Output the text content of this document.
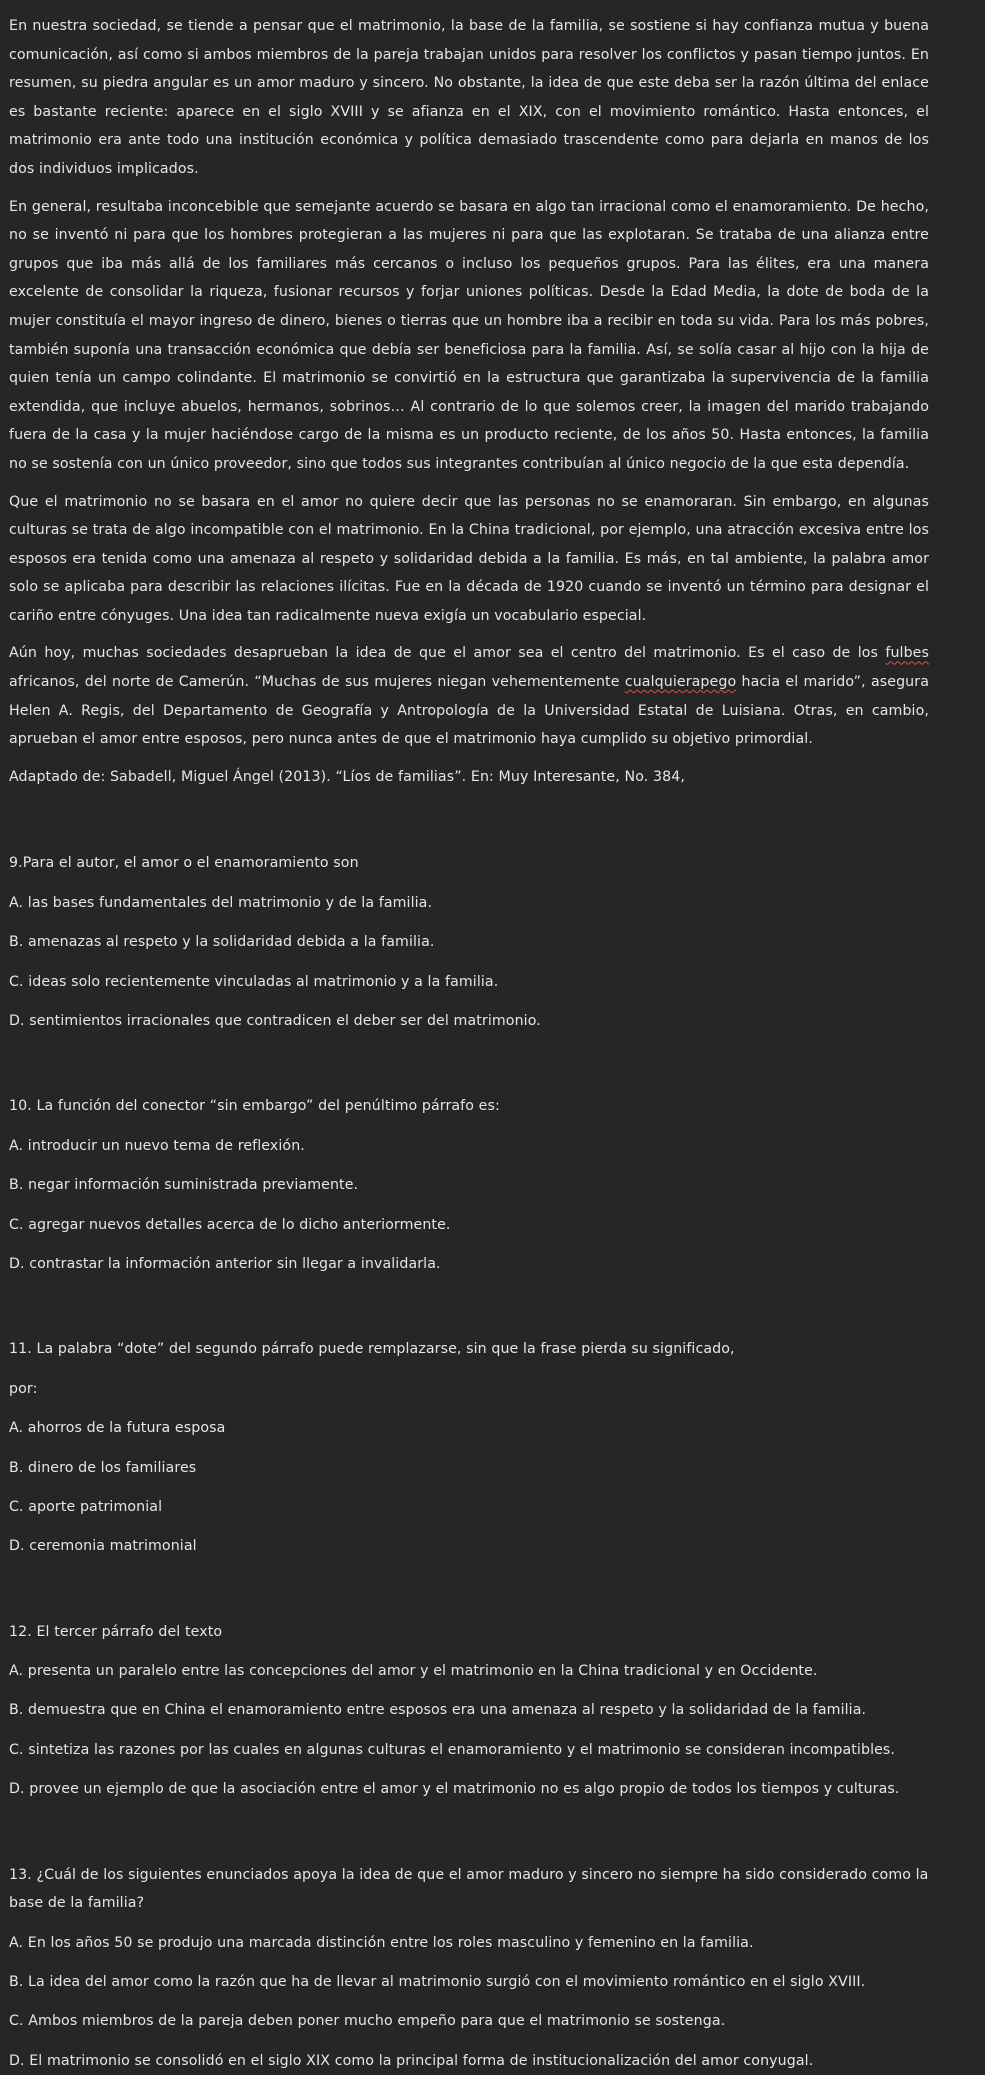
En nuestra sociedad, se tiende a pensar que el matrimonio, la base de la familia, se sostiene si hay confianza mutua y buena comunicación, así como si ambos miembros de la pareja trabajan unidos para resolver los conflictos y pasan tiempo juntos. En resumen, su piedra angular es un amor maduro y sincero. No obstante, la idea de que este deba ser la razón última del enlace es bastante reciente: aparece en el siglo XVIII y se afianza en el XIX, con el movimiento romántico. Hasta entonces, el matrimonio era ante todo una institución económica y política demasiado trascendente como para dejarla en manos de los dos individuos implicados.

En general, resultaba inconcebible que semejante acuerdo se basara en algo tan irracional como el enamoramiento. De hecho, no se inventó ni para que los hombres protegieran a las mujeres ni para que las explotaran. Se trataba de una alianza entre grupos que iba más allá de los familiares más cercanos o incluso los pequeños grupos. Para las élites, era una manera excelente de consolidar la riqueza, fusionar recursos y forjar uniones políticas. Desde la Edad Media, la dote de boda de la mujer constituía el mayor ingreso de dinero, bienes o tierras que un hombre iba a recibir en toda su vida. Para los más pobres, también suponía una transacción económica que debía ser beneficiosa para la familia. Así, se solía casar al hijo con la hija de quien tenía un campo colindante. El matrimonio se convirtió en la estructura que garantizaba la supervivencia de la familia extendida, que incluye abuelos, hermanos, sobrinos… Al contrario de lo que solemos creer, la imagen del marido trabajando fuera de la casa y la mujer haciéndose cargo de la misma es un producto reciente, de los años 50. Hasta entonces, la familia no se sostenía con un único proveedor, sino que todos sus integrantes contribuían al único negocio de la que esta dependía.

Que el matrimonio no se basara en el amor no quiere decir que las personas no se enamoraran. Sin embargo, en algunas culturas se trata de algo incompatible con el matrimonio. En la China tradicional, por ejemplo, una atracción excesiva entre los esposos era tenida como una amenaza al respeto y solidaridad debida a la familia. Es más, en tal ambiente, la palabra amor solo se aplicaba para describir las relaciones ilícitas. Fue en la década de 1920 cuando se inventó un término para designar el cariño entre cónyuges. Una idea tan radicalmente nueva exigía un vocabulario especial.

Aún hoy, muchas sociedades desaprueban la idea de que el amor sea el centro del matrimonio. Es el caso de los fulbes africanos, del norte de Camerún. “Muchas de sus mujeres niegan vehementemente cualquierapego hacia el marido”, asegura Helen A. Regis, del Departamento de Geografía y Antropología de la Universidad Estatal de Luisiana. Otras, en cambio, aprueban el amor entre esposos, pero nunca antes de que el matrimonio haya cumplido su objetivo primordial.

Adaptado de: Sabadell, Miguel Ángel (2013). “Líos de familias”. En: Muy Interesante, No. 384,

9.Para el autor, el amor o el enamoramiento son

A. las bases fundamentales del matrimonio y de la familia.

B. amenazas al respeto y la solidaridad debida a la familia.

C. ideas solo recientemente vinculadas al matrimonio y a la familia.

D. sentimientos irracionales que contradicen el deber ser del matrimonio.

10. La función del conector “sin embargo” del penúltimo párrafo es:

A. introducir un nuevo tema de reflexión.

B. negar información suministrada previamente.

C. agregar nuevos detalles acerca de lo dicho anteriormente.

D. contrastar la información anterior sin llegar a invalidarla.

11. La palabra “dote” del segundo párrafo puede remplazarse, sin que la frase pierda su significado,

por:

A. ahorros de la futura esposa

B. dinero de los familiares

C. aporte patrimonial

D. ceremonia matrimonial

12. El tercer párrafo del texto

A. presenta un paralelo entre las concepciones del amor y el matrimonio en la China tradicional y en Occidente.

B. demuestra que en China el enamoramiento entre esposos era una amenaza al respeto y la solidaridad de la familia.

C. sintetiza las razones por las cuales en algunas culturas el enamoramiento y el matrimonio se consideran incompatibles.

D. provee un ejemplo de que la asociación entre el amor y el matrimonio no es algo propio de todos los tiempos y culturas.

13. ¿Cuál de los siguientes enunciados apoya la idea de que el amor maduro y sincero no siempre ha sido considerado como la base de la familia?

A. En los años 50 se produjo una marcada distinción entre los roles masculino y femenino en la familia.

B. La idea del amor como la razón que ha de llevar al matrimonio surgió con el movimiento romántico en el siglo XVIII.

C. Ambos miembros de la pareja deben poner mucho empeño para que el matrimonio se sostenga.

D. El matrimonio se consolidó en el siglo XIX como la principal forma de institucionalización del amor conyugal.
